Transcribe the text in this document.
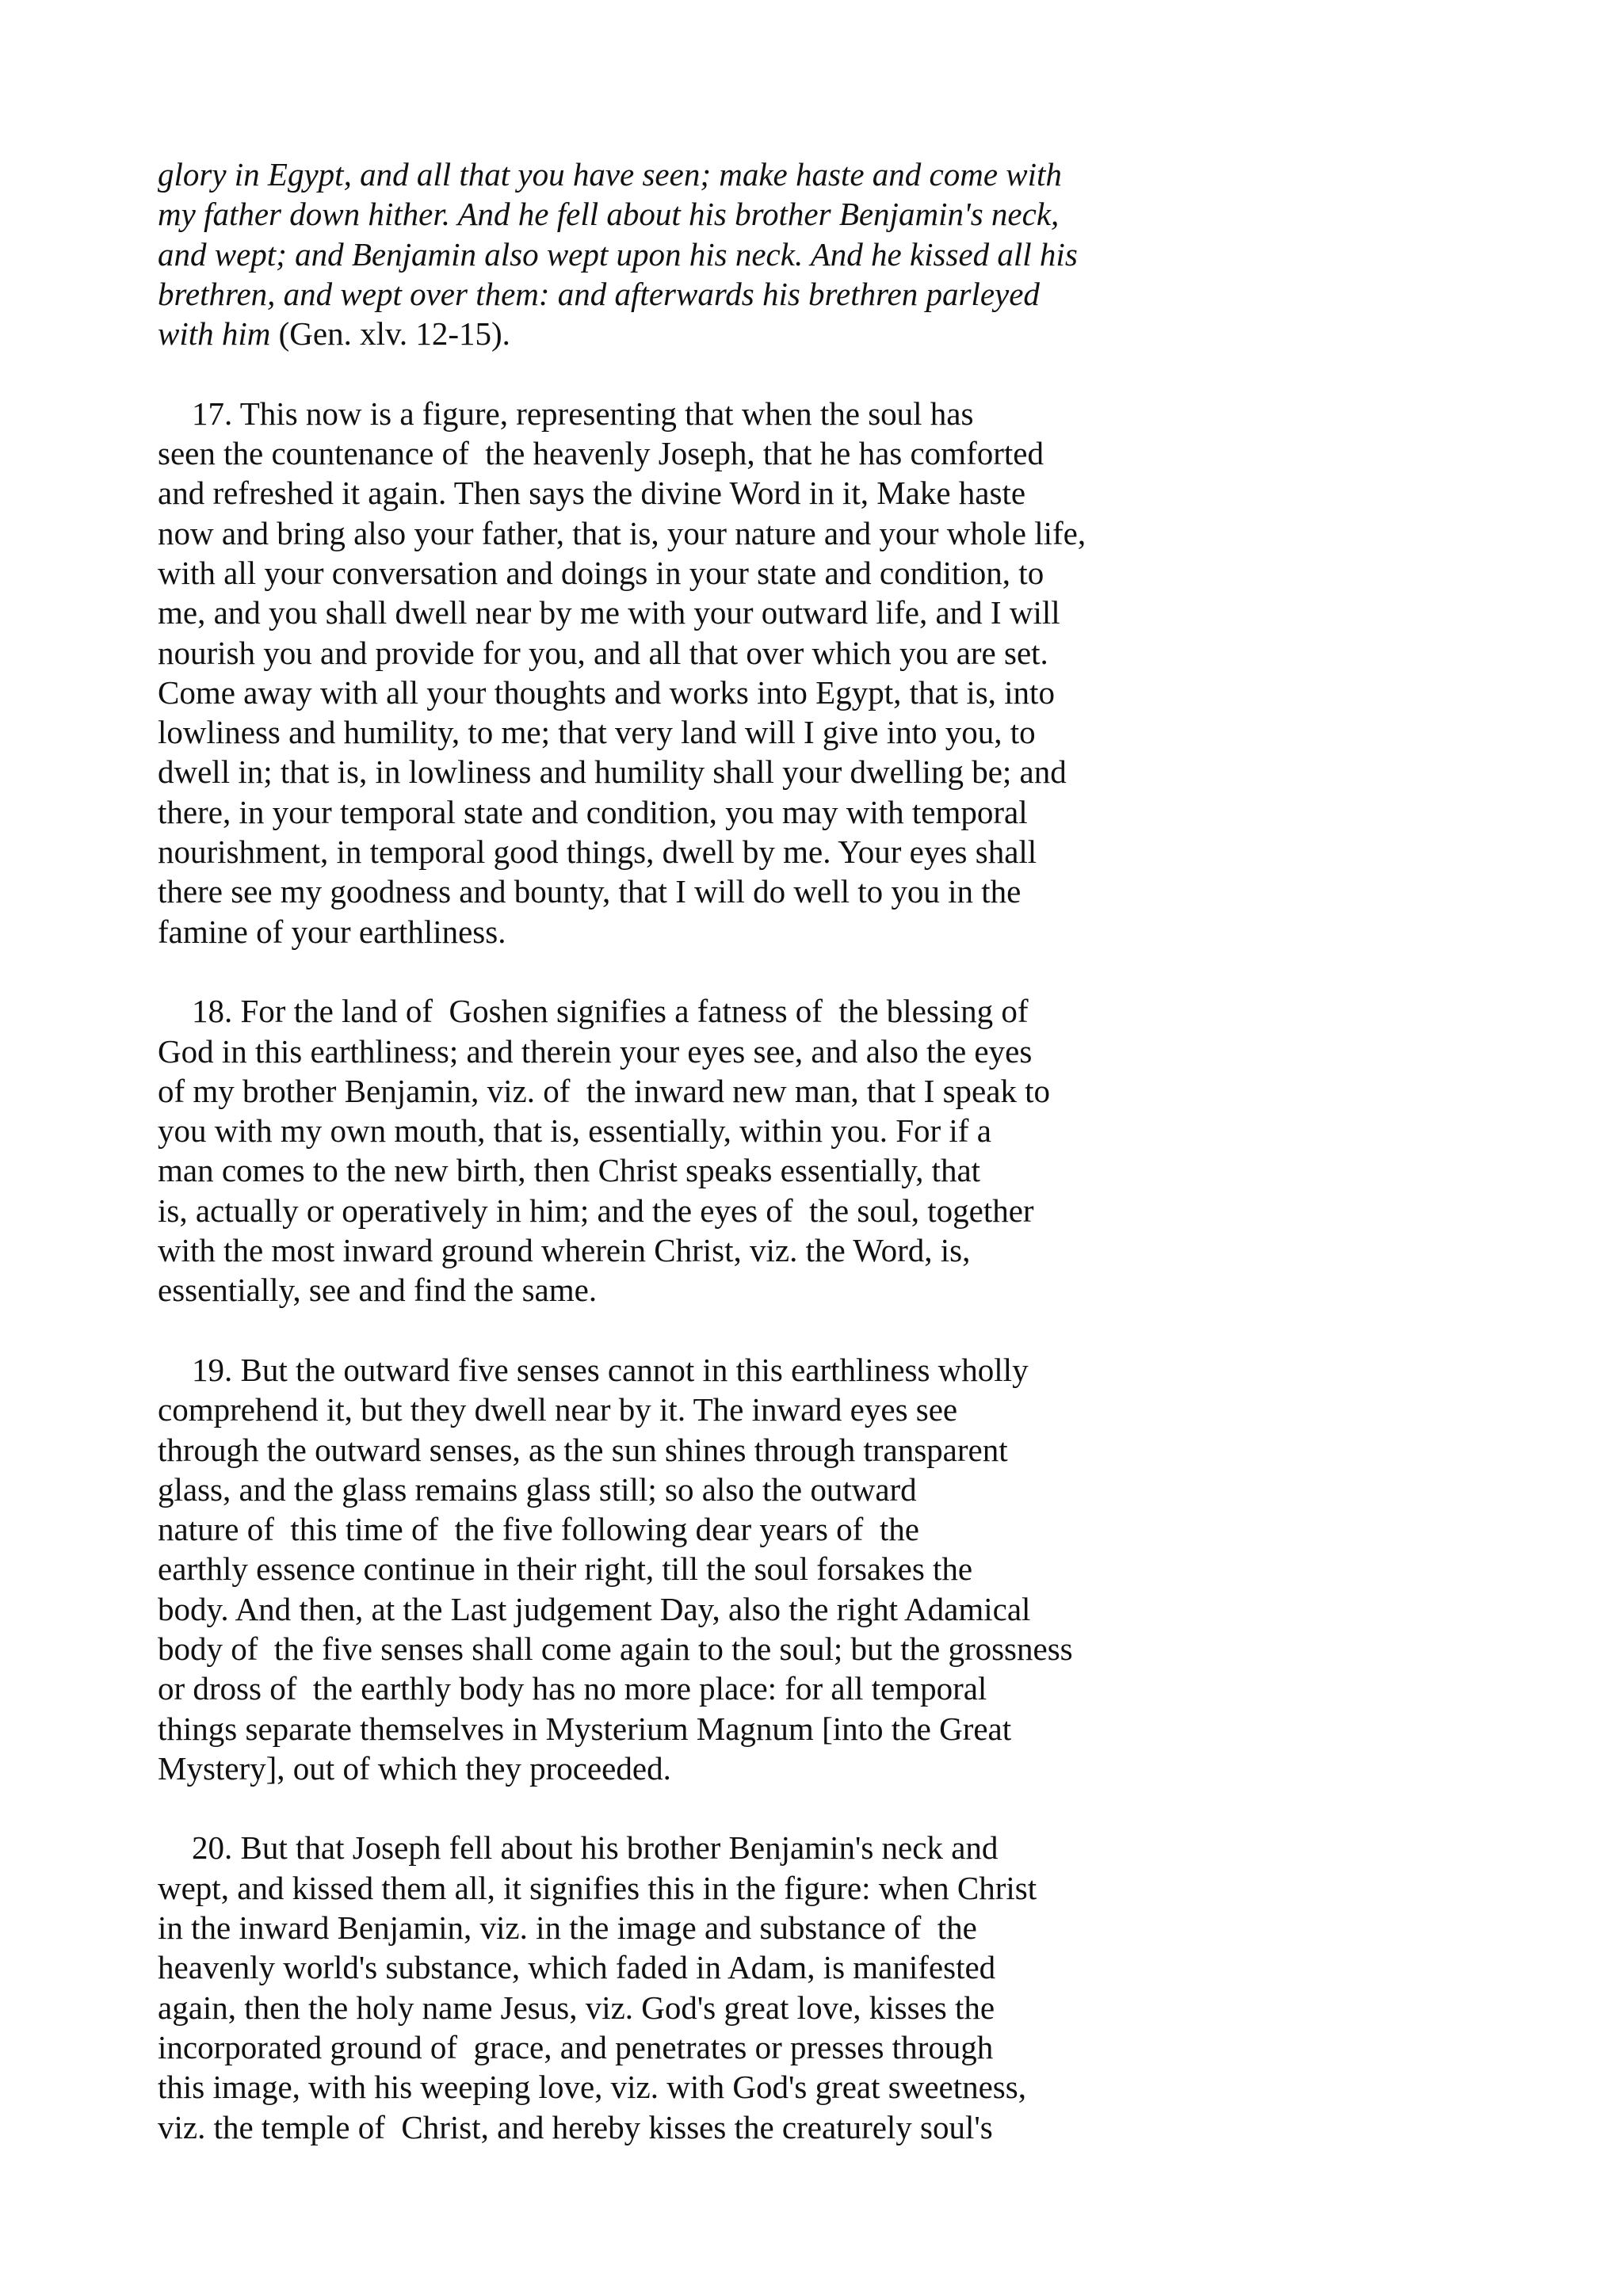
glory in Egypt, and all that you have seen; make haste and come with
my father down hither. And he fell about his brother Benjamin's neck,
and wept; and Benjamin also wept upon his neck. And he kissed all his
brethren, and wept over them: and afterwards his brethren parleyed
with him (Gen. xlv. 12-15).
17. This now is a figure, representing that when the soul has
seen the countenance of  the heavenly Joseph, that he has comforted
and refreshed it again. Then says the divine Word in it, Make haste
now and bring also your father, that is, your nature and your whole life,
with all your conversation and doings in your state and condition, to
me, and you shall dwell near by me with your outward life, and I will
nourish you and provide for you, and all that over which you are set.
Come away with all your thoughts and works into Egypt, that is, into
lowliness and humility, to me; that very land will I give into you, to
dwell in; that is, in lowliness and humility shall your dwelling be; and
there, in your temporal state and condition, you may with temporal
nourishment, in temporal good things, dwell by me. Your eyes shall
there see my goodness and bounty, that I will do well to you in the
famine of your earthliness.
18. For the land of  Goshen signifies a fatness of  the blessing of
God in this earthliness; and therein your eyes see, and also the eyes
of my brother Benjamin, viz. of  the inward new man, that I speak to
you with my own mouth, that is, essentially, within you. For if a
man comes to the new birth, then Christ speaks essentially, that
is, actually or operatively in him; and the eyes of  the soul, together
with the most inward ground wherein Christ, viz. the Word, is,
essentially, see and find the same.
19. But the outward five senses cannot in this earthliness wholly
comprehend it, but they dwell near by it. The inward eyes see
through the outward senses, as the sun shines through transparent
glass, and the glass remains glass still; so also the outward
nature of  this time of  the five following dear years of  the
earthly essence continue in their right, till the soul forsakes the
body. And then, at the Last judgement Day, also the right Adamical
body of  the five senses shall come again to the soul; but the grossness
or dross of  the earthly body has no more place: for all temporal
things separate themselves in Mysterium Magnum [into the Great
Mystery], out of which they proceeded.
20. But that Joseph fell about his brother Benjamin's neck and
wept, and kissed them all, it signifies this in the figure: when Christ
in the inward Benjamin, viz. in the image and substance of  the
heavenly world's substance, which faded in Adam, is manifested
again, then the holy name Jesus, viz. God's great love, kisses the
incorporated ground of  grace, and penetrates or presses through
this image, with his weeping love, viz. with God's great sweetness,
viz. the temple of  Christ, and hereby kisses the creaturely soul's
